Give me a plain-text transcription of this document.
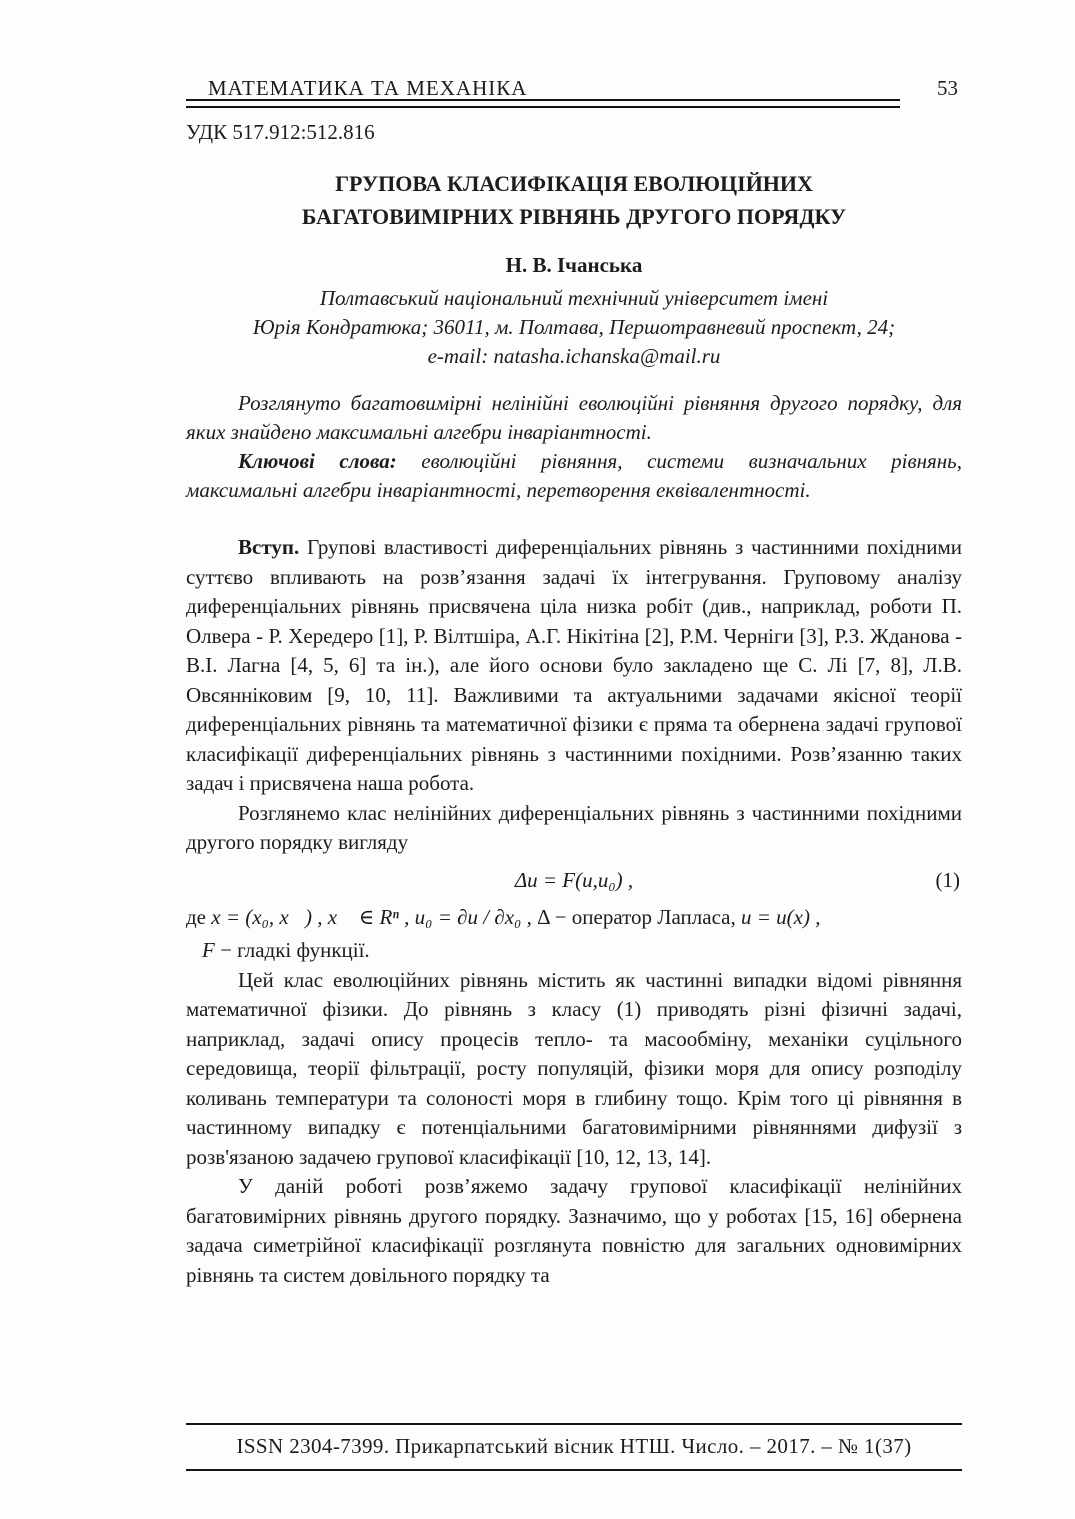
МАТЕМАТИКА ТА МЕХАНІКА	53
УДК 517.912:512.816
ГРУПОВА КЛАСИФІКАЦІЯ ЕВОЛЮЦІЙНИХ
БАГАТОВИМІРНИХ РІВНЯНЬ ДРУГОГО ПОРЯДКУ
Н. В. Ічанська
Полтавський національний технічний університет імені
Юрія Кондратюка; 36011, м. Полтава, Першотравневий проспект, 24;
e-mail: natasha.ichanska@mail.ru

Розглянуто багатовимірні нелінійні еволюційні рівняння другого порядку, для яких знайдено максимальні алгебри інваріантності.

Ключові слова: еволюційні рівняння, системи визначальних рівнянь, максимальні алгебри інваріантності, перетворення еквівалентності.

Вступ. Групові властивості диференціальних рівнянь з частинними похідними суттєво впливають на розв’язання задачі їх інтегрування. Груповому аналізу диференціальних рівнянь присвячена ціла низка робіт (див., наприклад, роботи П. Олвера - Р. Хередеро [1], Р. Вілтшіра, А.Г. Нікітіна [2], Р.М. Черніги [3], Р.З. Жданова - В.І. Лагна [4, 5, 6] та ін.), але його основи було закладено ще С. Лі [7, 8], Л.В. Овсянніковим [9, 10, 11]. Важливими та актуальними задачами якісної теорії диференціальних рівнянь та математичної фізики є пряма та обернена задачі групової класифікації диференціальних рівнянь з частинними похідними. Розв’язанню таких задач і присвячена наша робота.

Розглянемо клас нелінійних диференціальних рівнянь з частинними похідними другого порядку вигляду

Δu = F(u,u₀) ,	(1)

де x = (x₀, x⃗) , x⃗ ∈ Rⁿ , u₀ = ∂u / ∂x₀ , Δ − оператор Лапласа, u = u(x) ,

F − гладкі функції.

Цей клас еволюційних рівнянь містить як частинні випадки відомі рівняння математичної фізики. До рівнянь з класу (1) приводять різні фізичні задачі, наприклад, задачі опису процесів тепло- та масообміну, механіки суцільного середовища, теорії фільтрації, росту популяцій, фізики моря для опису розподілу коливань температури та солоності моря в глибину тощо. Крім того ці рівняння в частинному випадку є потенціальними багатовимірними рівняннями дифузії з розв'язаною задачею групової класифікації [10, 12, 13, 14].

У даній роботі розв’яжемо задачу групової класифікації нелінійних багатовимірних рівнянь другого порядку. Зазначимо, що у роботах [15, 16] обернена задача симетрійної класифікації розглянута повністю для загальних одновимірних рівнянь та систем довільного порядку та

ISSN 2304-7399. Прикарпатський вісник НТШ. Число. – 2017. – № 1(37)
